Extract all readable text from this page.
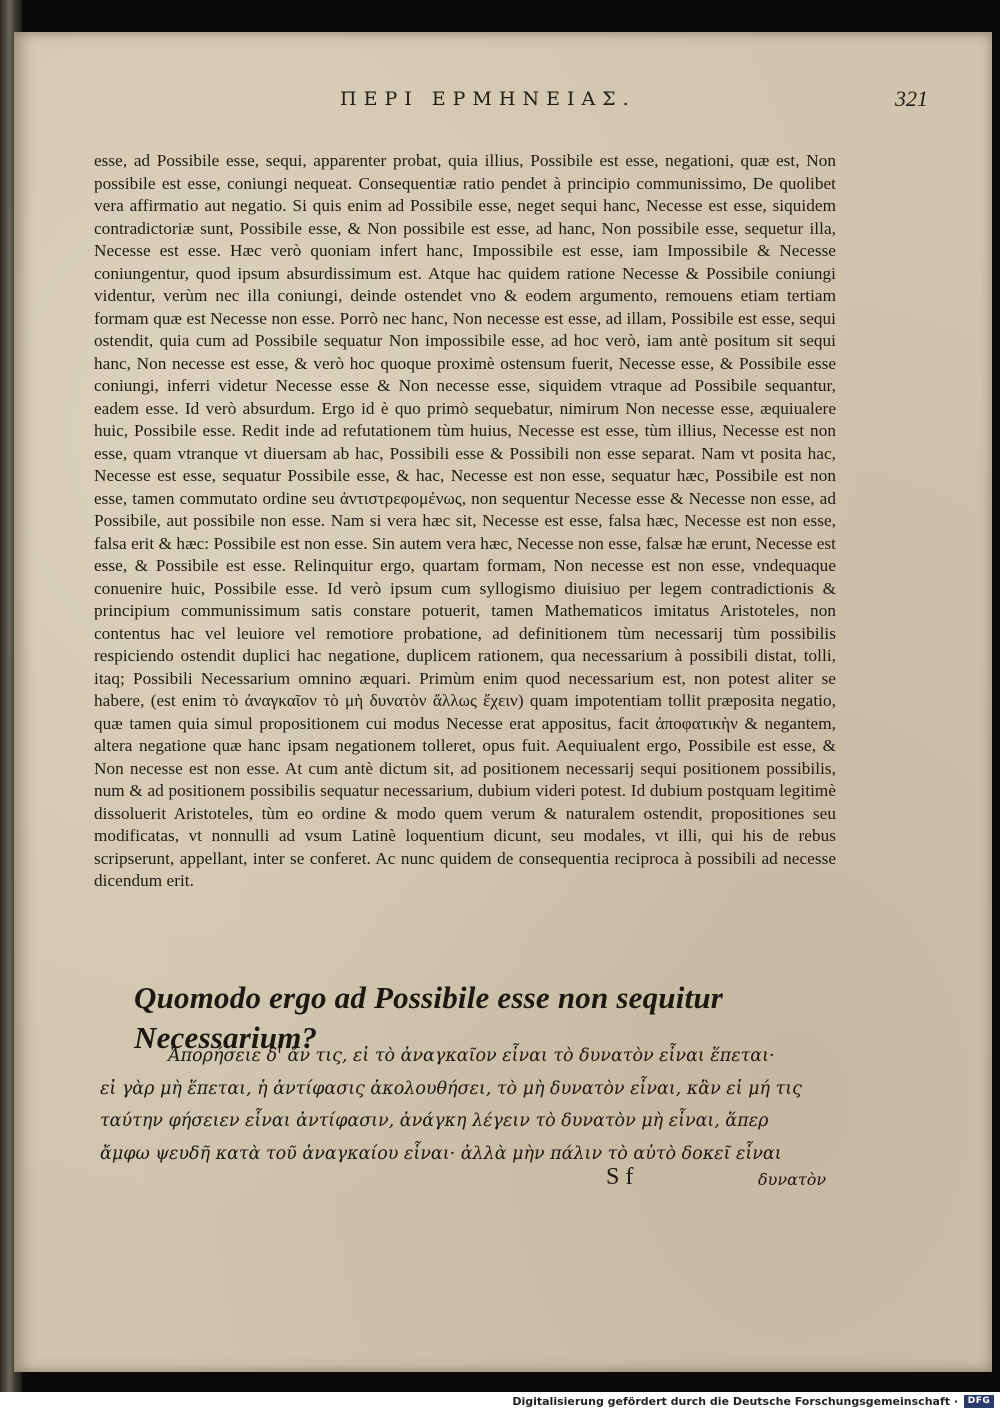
ΠΕΡΙ ΕΡΜΗΝΕΙΑΣ.	321

esse, ad Possibile esse, sequi, apparenter probat, quia illius, Possibile est esse, negationi, quæ est, Non possibile est esse, coniungi nequeat. Consequentiæ ratio pendet à principio communissimo, De quolibet vera affirmatio aut negatio. Si quis enim ad Possibile esse, neget sequi hanc, Necesse est esse, siquidem contradictoriæ sunt, Possibile esse, & Non possibile est esse, ad hanc, Non possibile esse, sequetur illa, Necesse est esse. Hæc verò quoniam infert hanc, Impossibile est esse, iam Impossibile & Necesse coniungentur, quod ipsum absurdissimum est. Atque hac quidem ratione Necesse & Possibile coniungi videntur, verùm nec illa coniungi, deinde ostendet vno & eodem argumento, remouens etiam tertiam formam quæ est Necesse non esse. Porrò nec hanc, Non necesse est esse, ad illam, Possibile est esse, sequi ostendit, quia cum ad Possibile sequatur Non impossibile esse, ad hoc verò, iam antè positum sit sequi hanc, Non necesse est esse, & verò hoc quoque proximè ostensum fuerit, Necesse esse, & Possibile esse coniungi, inferri videtur Necesse esse & Non necesse esse, siquidem vtraque ad Possibile sequantur, eadem esse. Id verò absurdum. Ergo id è quo primò sequebatur, nimirum Non necesse esse, æquiualere huic, Possibile esse. Redit inde ad refutationem tùm huius, Necesse est esse, tùm illius, Necesse est non esse, quam vtranque vt diuersam ab hac, Possibili esse & Possibili non esse separat. Nam vt posita hac, Necesse est esse, sequatur Possibile esse, & hac, Necesse est non esse, sequatur hæc, Possibile est non esse, tamen commutato ordine seu ἀντιστρεφομένως, non sequentur Necesse esse & Necesse non esse, ad Possibile, aut possibile non esse. Nam si vera hæc sit, Necesse est esse, falsa hæc, Necesse est non esse, falsa erit & hæc: Possibile est non esse. Sin autem vera hæc, Necesse non esse, falsæ hæ erunt, Necesse est esse, & Possibile est esse. Relinquitur ergo, quartam formam, Non necesse est non esse, vndequaque conuenire huic, Possibile esse. Id verò ipsum cum syllogismo diuisiuo per legem contradictionis & principium communissimum satis constare potuerit, tamen Mathematicos imitatus Aristoteles, non contentus hac vel leuiore vel remotiore probatione, ad definitionem tùm necessarij tùm possibilis respiciendo ostendit duplici hac negatione, duplicem rationem, qua necessarium à possibili distat, tolli, itaq; Possibili Necessarium omnino æquari. Primùm enim quod necessarium est, non potest aliter se habere, (est enim τὸ ἀναγκαῖον τὸ μὴ δυνατὸν ἄλλως ἔχειν) quam impotentiam tollit præposita negatio, quæ tamen quia simul propositionem cui modus Necesse erat appositus, facit ἀποφατικὴν & negantem, altera negatione quæ hanc ipsam negationem tolleret, opus fuit. Aequiualent ergo, Possibile est esse, & Non necesse est non esse. At cum antè dictum sit, ad positionem necessarij sequi positionem possibilis, num & ad positionem possibilis sequatur necessarium, dubium videri potest. Id dubium postquam legitimè dissoluerit Aristoteles, tùm eo ordine & modo quem verum & naturalem ostendit, propositiones seu modificatas, vt nonnulli ad vsum Latinè loquentium dicunt, seu modales, vt illi, qui his de rebus scripserunt, appellant, inter se conferet. Ac nunc quidem de consequentia reciproca à possibili ad necesse dicendum erit.

Quomodo ergo ad Possibile esse non sequitur Necessarium?
Ἀπορήσειε δ' ἄν τις, εἰ τὸ ἀναγκαῖον εἶναι τὸ δυνατὸν εἶναι ἕπεται·
εἰ γὰρ μὴ ἕπεται, ἡ ἀντίφασις ἀκολουθήσει, τὸ μὴ δυνατὸν εἶναι, κἂν εἰ μή τις
ταύτην φήσειεν εἶναι ἀντίφασιν, ἀνάγκη λέγειν τὸ δυνατὸν μὴ εἶναι, ἅπερ
ἄμφω ψευδῆ κατὰ τοῦ ἀναγκαίου εἶναι· ἀλλὰ μὴν πάλιν τὸ αὐτὸ δοκεῖ εἶναι
S f	δυνατὸν
Digitalisierung gefördert durch die Deutsche Forschungsgemeinschaft ·	DFG
